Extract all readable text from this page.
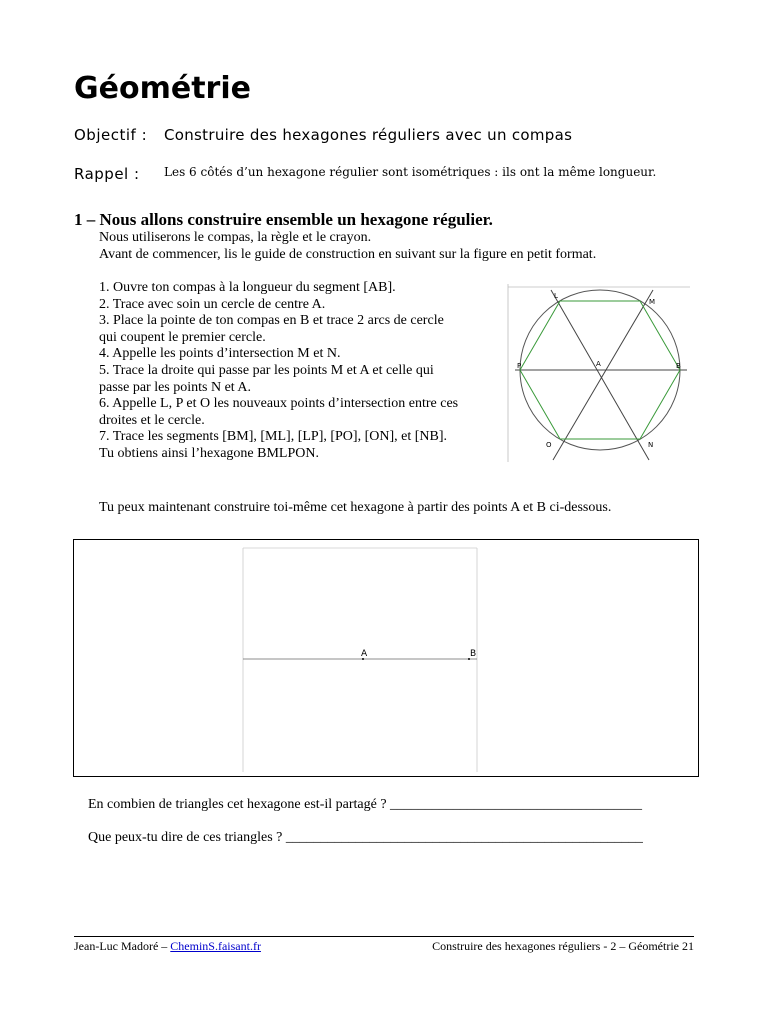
Géométrie
Objectif : Construire des hexagones réguliers avec un compas
Rappel : Les 6 côtés d’un hexagone régulier sont isométriques : ils ont la même longueur.
1 – Nous allons construire ensemble un hexagone régulier.
Nous utiliserons le compas, la règle et le crayon.
Avant de commencer, lis le guide de construction en suivant sur la figure en petit format.
1. Ouvre ton compas à la longueur du segment [AB].
2. Trace avec soin un cercle de centre A.
3. Place la pointe de ton compas en B et trace 2 arcs de cercle
qui coupent le premier cercle.
4. Appelle les points d’intersection M et N.
5. Trace la droite qui passe par les points M et A et celle qui
passe par les points N et A.
6. Appelle L, P et O les nouveaux points d’intersection entre ces
droites et le cercle.
7. Trace les segments [BM], [ML], [LP], [PO], [ON], et [NB].
Tu obtiens ainsi l’hexagone BMLPON.
L
M
P	A	B
O	N
Tu peux maintenant construire toi-même cet hexagone à partir des points A et B ci-dessous.
A	B
En combien de triangles cet hexagone est-il partagé ? ____________________________________
Que peux-tu dire de ces triangles ? ___________________________________________________
Jean-Luc Madoré – CheminS.faisant.fr	Construire des hexagones réguliers - 2 – Géométrie 21
